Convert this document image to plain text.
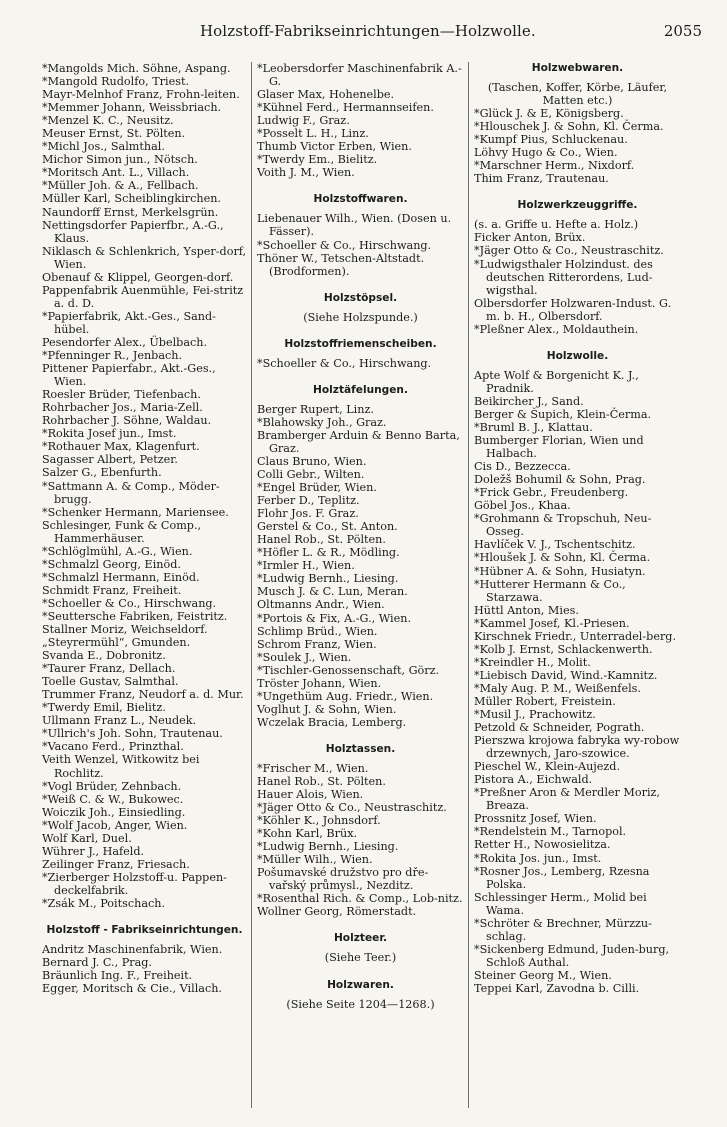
Holzstoff-Fabrikseinrichtungen—Holzwolle.	2055
*Mangolds Mich. Söhne, Aspang.
*Mangold Rudolfo, Triest.
Mayr-Melnhof Franz, Frohn-leiten.
*Memmer Johann, Weissbriach.
*Menzel K. C., Neusitz.
Meuser Ernst, St. Pölten.
*Michl Jos., Salmthal.
Michor Simon jun., Nötsch.
*Moritsch Ant. L., Villach.
*Müller Joh. & A., Fellbach.
Müller Karl, Scheiblingkirchen.
Naundorff Ernst, Merkelsgrün.
Nettingsdorfer Papierfbr., A.-G., Klaus.
Niklasch & Schlenkrich, Ysper-dorf, Wien.
Obenauf & Klippel, Georgen-dorf.
Pappenfabrik Auenmühle, Fei-stritz a. d. D.
*Papierfabrik, Akt.-Ges., Sand-hübel.
Pesendorfer Alex., Übelbach.
*Pfenninger R., Jenbach.
Pittener Papierfabr., Akt.-Ges., Wien.
Roesler Brüder, Tiefenbach.
Rohrbacher Jos., Maria-Zell.
Rohrbacher J. Söhne, Waldau.
*Rokita Josef jun., Imst.
*Rothauer Max, Klagenfurt.
Sagasser Albert, Petzer.
Salzer G., Ebenfurth.
*Sattmann A. & Comp., Möder-brugg.
*Schenker Hermann, Mariensee.
Schlesinger, Funk & Comp., Hammerhäuser.
*Schlöglmühl, A.-G., Wien.
*Schmalzl Georg, Einöd.
*Schmalzl Hermann, Einöd.
Schmidt Franz, Freiheit.
*Schoeller & Co., Hirschwang.
*Seuttersche Fabriken, Feistritz.
Stallner Moriz, Weichseldorf.
„Steyrermühl“, Gmunden.
Svanda E., Dobronitz.
*Taurer Franz, Dellach.
Toelle Gustav, Salmthal.
Trummer Franz, Neudorf a. d. Mur.
*Twerdy Emil, Bielitz.
Ullmann Franz L., Neudek.
*Ullrich's Joh. Sohn, Trautenau.
*Vacano Ferd., Prinzthal.
Veith Wenzel, Witkowitz bei Rochlitz.
*Vogl Brüder, Zehnbach.
*Weiß C. & W., Bukowec.
Woiczik Joh., Einsiedling.
*Wolf Jacob, Anger, Wien.
Wolf Karl, Duel.
Wührer J., Hafeld.
Zeilinger Franz, Friesach.
*Zierberger Holzstoff-u. Pappen-deckelfabrik.
*Zsák M., Poitschach.
Holzstoff - Fabrikseinrichtungen.
Andritz Maschinenfabrik, Wien.
Bernard J. C., Prag.
Bräunlich Ing. F., Freiheit.
Egger, Moritsch & Cie., Villach.
*Leobersdorfer Maschinenfabrik A.-G.
Glaser Max, Hohenelbe.
*Kühnel Ferd., Hermannseifen.
Ludwig F., Graz.
*Posselt L. H., Linz.
Thumb Victor Erben, Wien.
*Twerdy Em., Bielitz.
Voith J. M., Wien.
Holzstoffwaren.
Liebenauer Wilh., Wien. (Dosen u. Fässer).
*Schoeller & Co., Hirschwang.
Thöner W., Tetschen-Altstadt. (Brodformen).
Holzstöpsel.
(Siehe Holzspunde.)
Holzstoffriemenscheiben.
*Schoeller & Co., Hirschwang.
Holztäfelungen.
Berger Rupert, Linz.
*Blahowsky Joh., Graz.
Bramberger Arduin & Benno Barta, Graz.
Claus Bruno, Wien.
Colli Gebr., Wilten.
*Engel Brüder, Wien.
Ferber D., Teplitz.
Flohr Jos. F. Graz.
Gerstel & Co., St. Anton.
Hanel Rob., St. Pölten.
*Höfler L. & R., Mödling.
*Irmler H., Wien.
*Ludwig Bernh., Liesing.
Musch J. & C. Lun, Meran.
Oltmanns Andr., Wien.
*Portois & Fix, A.-G., Wien.
Schlimp Brüd., Wien.
Schrom Franz, Wien.
*Soulek J., Wien.
*Tischler-Genossenschaft, Görz.
Tröster Johann, Wien.
*Ungethüm Aug. Friedr., Wien.
Voglhut J. & Sohn, Wien.
Wczelak Bracia, Lemberg.
Holztassen.
*Frischer M., Wien.
Hanel Rob., St. Pölten.
Hauer Alois, Wien.
*Jäger Otto & Co., Neustraschitz.
*Köhler K., Johnsdorf.
*Kohn Karl, Brüx.
*Ludwig Bernh., Liesing.
*Müller Wilh., Wien.
Pošumavské družstvo pro dře-vařský průmysl., Nezditz.
*Rosenthal Rich. & Comp., Lob-nitz.
Wollner Georg, Römerstadt.
Holzteer.
(Siehe Teer.)
Holzwaren.
(Siehe Seite 1204—1268.)
Holzwebwaren.
(Taschen, Koffer, Körbe, Läufer, Matten etc.)
*Glück J. & E, Königsberg.
*Hlouschek J. & Sohn, Kl. Čerma.
*Kumpf Pius, Schluckenau.
Löhvy Hugo & Co., Wien.
*Marschner Herm., Nixdorf.
Thim Franz, Trautenau.
Holzwerkzeuggriffe.
(s. a. Griffe u. Hefte a. Holz.)
Ficker Anton, Brüx.
*Jäger Otto & Co., Neustraschitz.
*Ludwigsthaler Holzindust. des deutschen Ritterordens, Lud-wigsthal.
Olbersdorfer Holzwaren-Indust. G. m. b. H., Olbersdorf.
*Pleßner Alex., Moldauthein.
Holzwolle.
Apte Wolf & Borgenicht K. J., Pradnik.
Beikircher J., Sand.
Berger & Šupich, Klein-Čerma.
*Bruml B. J., Klattau.
Bumberger Florian, Wien und Halbach.
Cis D., Bezzecca.
Doležš Bohumil & Sohn, Prag.
*Frick Gebr., Freudenberg.
Göbel Jos., Khaa.
*Grohmann & Tropschuh, Neu-Osseg.
Havlíček V. J., Tschentschitz.
*Hloušek J. & Sohn, Kl. Čerma.
*Hübner A. & Sohn, Husiatyn.
*Hutterer Hermann & Co., Starzawa.
Hüttl Anton, Mies.
*Kammel Josef, Kl.-Priesen.
Kirschnek Friedr., Unterradel-berg.
*Kolb J. Ernst, Schlackenwerth.
*Kreindler H., Molit.
*Liebisch David, Wind.-Kamnitz.
*Maly Aug. P. M., Weißenfels.
Müller Robert, Freistein.
*Musil J., Prachowitz.
Petzold & Schneider, Pograth.
Pierszwa krojowa fabryka wy-robow drzewnych, Jaro-szowice.
Pieschel W., Klein-Aujezd.
Pistora A., Eichwald.
*Preßner Aron & Merdler Moriz, Breaza.
Prossnitz Josef, Wien.
*Rendelstein M., Tarnopol.
Retter H., Nowosielitza.
*Rokita Jos. jun., Imst.
*Rosner Jos., Lemberg, Rzesna Polska.
Schlessinger Herm., Molid bei Wama.
*Schröter & Brechner, Mürzzu-schlag.
*Sickenberg Edmund, Juden-burg, Schloß Authal.
Steiner Georg M., Wien.
Teppei Karl, Zavodna b. Cilli.
